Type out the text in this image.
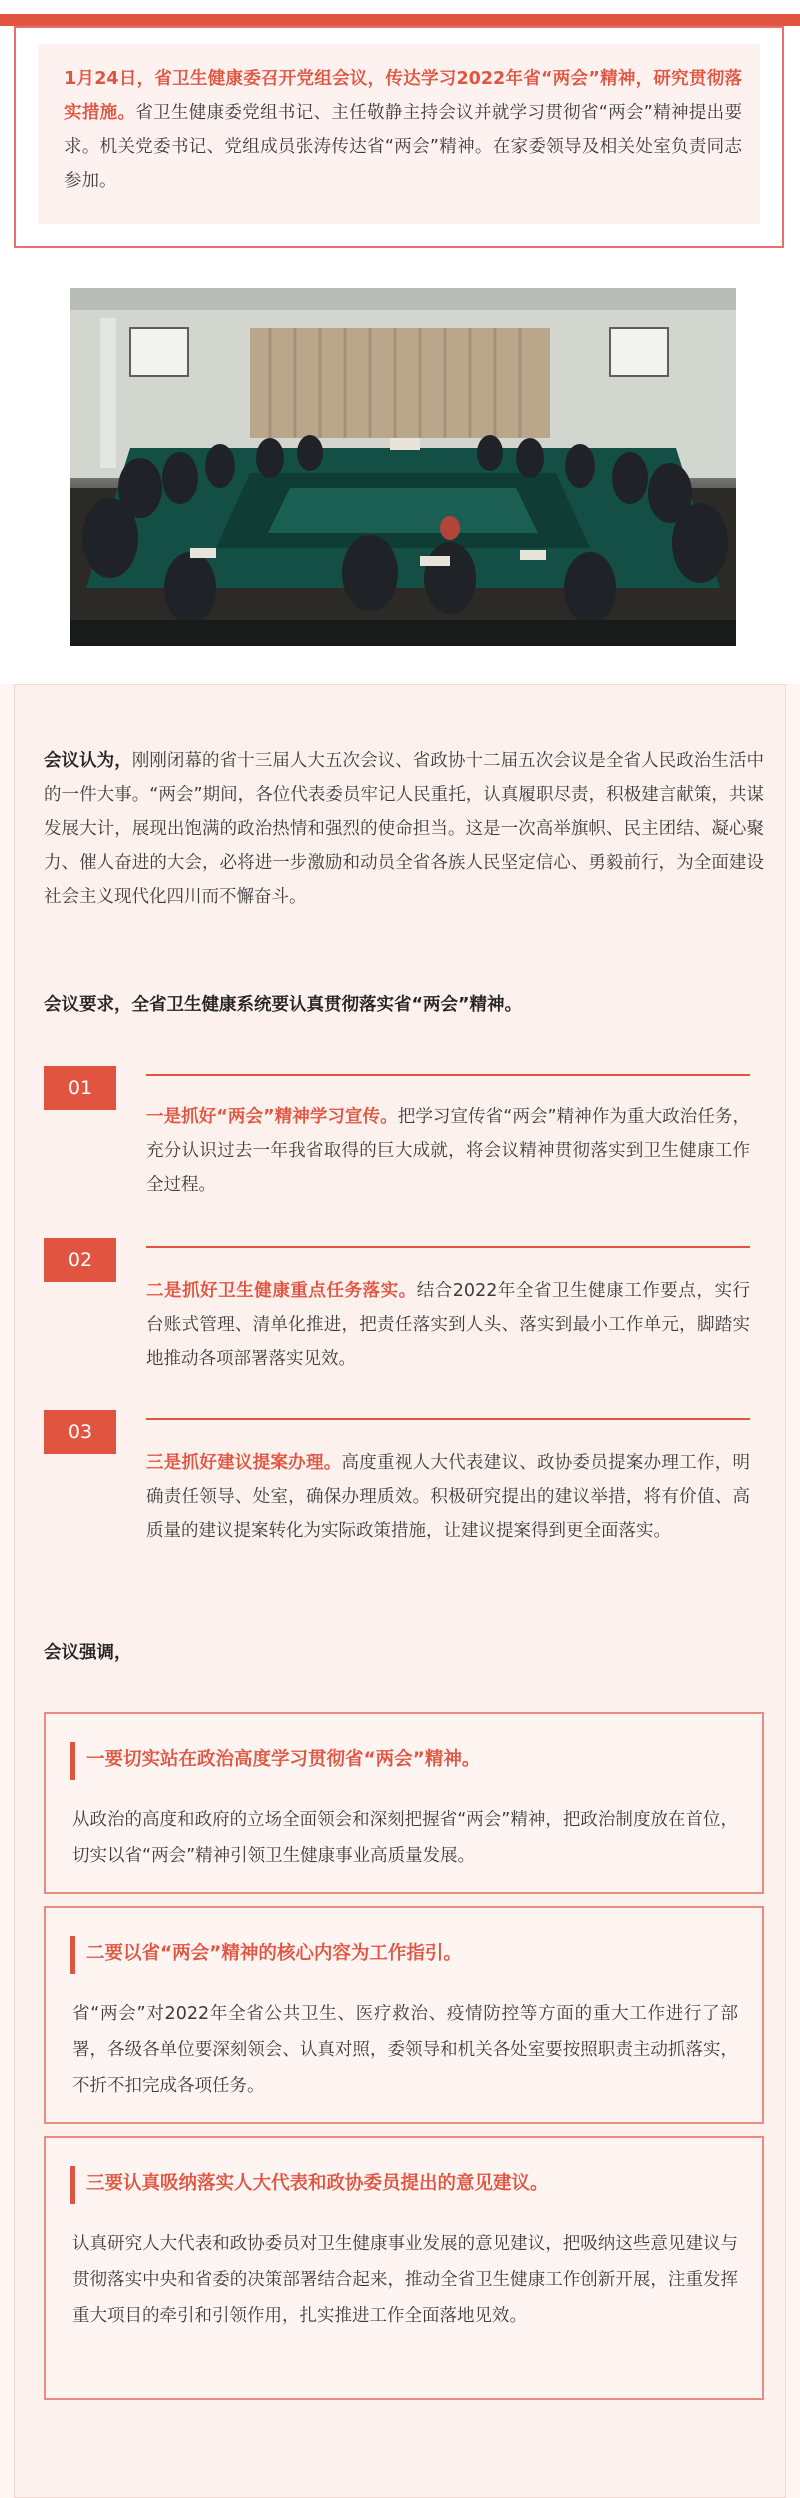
1月24日，省卫生健康委召开党组会议，传达学习2022年省“两会”精神，研究贯彻落实措施。省卫生健康委党组书记、主任敬静主持会议并就学习贯彻省“两会”精神提出要求。机关党委书记、党组成员张涛传达省“两会”精神。在家委领导及相关处室负责同志参加。
会议认为，刚刚闭幕的省十三届人大五次会议、省政协十二届五次会议是全省人民政治生活中的一件大事。“两会”期间，各位代表委员牢记人民重托，认真履职尽责，积极建言献策，共谋发展大计，展现出饱满的政治热情和强烈的使命担当。这是一次高举旗帜、民主团结、凝心聚力、催人奋进的大会，必将进一步激励和动员全省各族人民坚定信心、勇毅前行，为全面建设社会主义现代化四川而不懈奋斗。
会议要求，全省卫生健康系统要认真贯彻落实省“两会”精神。
01
一是抓好“两会”精神学习宣传。把学习宣传省“两会”精神作为重大政治任务，充分认识过去一年我省取得的巨大成就，将会议精神贯彻落实到卫生健康工作全过程。
02
二是抓好卫生健康重点任务落实。结合2022年全省卫生健康工作要点，实行台账式管理、清单化推进，把责任落实到人头、落实到最小工作单元，脚踏实地推动各项部署落实见效。
03
三是抓好建议提案办理。高度重视人大代表建议、政协委员提案办理工作，明确责任领导、处室，确保办理质效。积极研究提出的建议举措，将有价值、高质量的建议提案转化为实际政策措施，让建议提案得到更全面落实。
会议强调，
一要切实站在政治高度学习贯彻省“两会”精神。
从政治的高度和政府的立场全面领会和深刻把握省“两会”精神，把政治制度放在首位，切实以省“两会”精神引领卫生健康事业高质量发展。
二要以省“两会”精神的核心内容为工作指引。
省“两会”对2022年全省公共卫生、医疗救治、疫情防控等方面的重大工作进行了部署，各级各单位要深刻领会、认真对照，委领导和机关各处室要按照职责主动抓落实，不折不扣完成各项任务。
三要认真吸纳落实人大代表和政协委员提出的意见建议。
认真研究人大代表和政协委员对卫生健康事业发展的意见建议，把吸纳这些意见建议与贯彻落实中央和省委的决策部署结合起来，推动全省卫生健康工作创新开展，注重发挥重大项目的牵引和引领作用，扎实推进工作全面落地见效。
